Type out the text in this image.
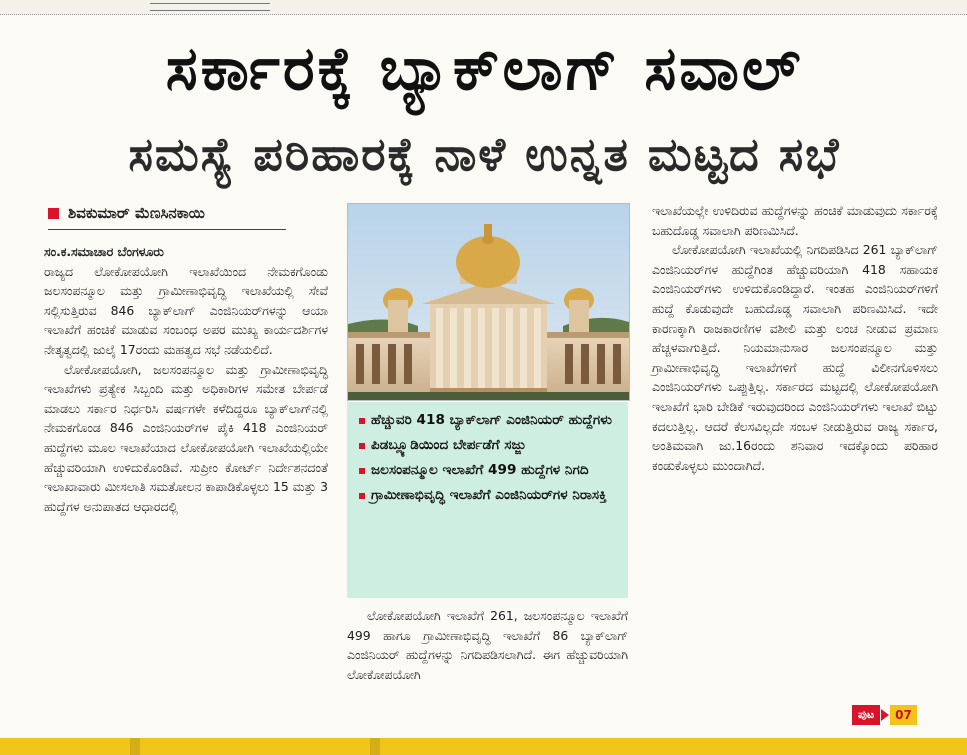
ಸರ್ಕಾರಕ್ಕೆ ಬ್ಯಾಕ್‌ಲಾಗ್ ಸವಾಲ್
ಸಮಸ್ಯೆ ಪರಿಹಾರಕ್ಕೆ ನಾಳೆ ಉನ್ನತ ಮಟ್ಟದ ಸಭೆ
ಶಿವಕುಮಾರ್ ಮೆಣಸಿನಕಾಯಿ
ಸಂ.ಕ.ಸಮಾಚಾರ ಬೆಂಗಳೂರು

ರಾಜ್ಯದ ಲೋಕೋಪಯೋಗಿ ಇಲಾಖೆಯಿಂದ ನೇಮಕಗೊಂಡು ಜಲಸಂಪನ್ಮೂಲ ಮತ್ತು ಗ್ರಾಮೀಣಾಭಿವೃದ್ಧಿ ಇಲಾಖೆಯಲ್ಲಿ ಸೇವೆ ಸಲ್ಲಿಸುತ್ತಿರುವ 846 ಬ್ಯಾಕ್‌ಲಾಗ್ ಎಂಜಿನಿಯರ್‌ಗಳನ್ನು ಆಯಾ ಇಲಾಖೆಗೆ ಹಂಚಿಕೆ ಮಾಡುವ ಸಂಬಂಧ ಅಪರ ಮುಖ್ಯ ಕಾರ್ಯದರ್ಶಿಗಳ ನೇತೃತ್ವದಲ್ಲಿ ಜುಲೈ 17ರಂದು ಮಹತ್ವದ ಸಭೆ ನಡೆಯಲಿದೆ.

ಲೋಕೋಪಯೋಗಿ, ಜಲಸಂಪನ್ಮೂಲ ಮತ್ತು ಗ್ರಾಮೀಣಾಭಿವೃದ್ಧಿ ಇಲಾಖೆಗಳು ಪ್ರತ್ಯೇಕ ಸಿಬ್ಬಂದಿ ಮತ್ತು ಅಧಿಕಾರಿಗಳ ಸಮೇತ ಬೇರ್ಪಡೆ ಮಾಡಲು ಸರ್ಕಾರ ನಿರ್ಧರಿಸಿ ವರ್ಷಗಳೇ ಕಳೆದಿದ್ದರೂ ಬ್ಯಾಕ್‌ಲಾಗ್‌ನಲ್ಲಿ ನೇಮಕಗೊಂಡ 846 ಎಂಜಿನಿಯರ್‌ಗಳ ಪೈಕಿ 418 ಎಂಜಿನಿಯರ್ ಹುದ್ದೆಗಳು ಮೂಲ ಇಲಾಖೆಯಾದ ಲೋಕೋಪಯೋಗಿ ಇಲಾಖೆಯಲ್ಲಿಯೇ ಹೆಚ್ಚುವರಿಯಾಗಿ ಉಳಿದುಕೊಂಡಿವೆ. ಸುಪ್ರೀಂ ಕೋರ್ಟ್ ನಿರ್ದೇಶನದಂತೆ ಇಲಾಖಾವಾರು ಮೀಸಲಾತಿ ಸಮತೋಲನ ಕಾಪಾಡಿಕೊಳ್ಳಲು 15 ಮತ್ತು 3 ಹುದ್ದೆಗಳ ಅನುಪಾತದ ಆಧಾರದಲ್ಲಿ

ಹೆಚ್ಚುವರಿ 418 ಬ್ಯಾಕ್‌ಲಾಗ್ ಎಂಜಿನಿಯರ್ ಹುದ್ದೆಗಳು
ಪಿಡಬ್ಲ್ಯೂಡಿಯಿಂದ ಬೇರ್ಪಡೆಗೆ ಸಜ್ಜು
ಜಲಸಂಪನ್ಮೂಲ ಇಲಾಖೆಗೆ 499 ಹುದ್ದೆಗಳ ನಿಗದಿ
ಗ್ರಾಮೀಣಾಭಿವೃದ್ಧಿ ಇಲಾಖೆಗೆ ಎಂಜಿನಿಯರ್‌ಗಳ ನಿರಾಸಕ್ತಿ

ಲೋಕೋಪಯೋಗಿ ಇಲಾಖೆಗೆ 261, ಜಲಸಂಪನ್ಮೂಲ ಇಲಾಖೆಗೆ 499 ಹಾಗೂ ಗ್ರಾಮೀಣಾಭಿವೃದ್ಧಿ ಇಲಾಖೆಗೆ 86 ಬ್ಯಾಕ್‌ಲಾಗ್ ಎಂಜಿನಿಯರ್ ಹುದ್ದೆಗಳನ್ನು ನಿಗದಿಪಡಿಸಲಾಗಿದೆ. ಈಗ ಹೆಚ್ಚುವರಿಯಾಗಿ ಲೋಕೋಪಯೋಗಿ

ಇಲಾಖೆಯಲ್ಲೇ ಉಳಿದಿರುವ ಹುದ್ದೆಗಳನ್ನು ಹಂಚಿಕೆ ಮಾಡುವುದು ಸರ್ಕಾರಕ್ಕೆ ಬಹುದೊಡ್ಡ ಸವಾಲಾಗಿ ಪರಿಣಮಿಸಿದೆ.

ಲೋಕೋಪಯೋಗಿ ಇಲಾಖೆಯಲ್ಲಿ ನಿಗದಿಪಡಿಸಿದ 261 ಬ್ಯಾಕ್‌ಲಾಗ್ ಎಂಜಿನಿಯರ್‌ಗಳ ಹುದ್ದೆಗಿಂತ ಹೆಚ್ಚುವರಿಯಾಗಿ 418 ಸಹಾಯಕ ಎಂಜಿನಿಯರ್‌ಗಳು ಉಳಿದುಕೊಂಡಿದ್ದಾರೆ. ಇಂತಹ ಎಂಜಿನಿಯರ್‌ಗಳಿಗೆ ಹುದ್ದೆ ಕೊಡುವುದೇ ಬಹುದೊಡ್ಡ ಸವಾಲಾಗಿ ಪರಿಣಮಿಸಿದೆ. ಇದೇ ಕಾರಣಕ್ಕಾಗಿ ರಾಜಕಾರಣಿಗಳ ವಶೀಲಿ ಮತ್ತು ಲಂಚ ನೀಡುವ ಪ್ರಮಾಣ ಹೆಚ್ಚಳವಾಗುತ್ತಿದೆ. ನಿಯಮಾನುಸಾರ ಜಲಸಂಪನ್ಮೂಲ ಮತ್ತು ಗ್ರಾಮೀಣಾಭಿವೃದ್ಧಿ ಇಲಾಖೆಗಳಿಗೆ ಹುದ್ದೆ ವಿಲೀನಗೊಳಿಸಲು ಎಂಜಿನಿಯರ್‌ಗಳು ಒಪ್ಪುತ್ತಿಲ್ಲ. ಸರ್ಕಾರದ ಮಟ್ಟದಲ್ಲಿ ಲೋಕೋಪಯೋಗಿ ಇಲಾಖೆಗೆ ಭಾರಿ ಬೇಡಿಕೆ ಇರುವುದರಿಂದ ಎಂಜಿನಿಯರ್‌ಗಳು ಇಲಾಖೆ ಬಿಟ್ಟು ಕದಲುತ್ತಿಲ್ಲ. ಆದರೆ ಕೆಲಸವಿಲ್ಲದೇ ಸಂಬಳ ನೀಡುತ್ತಿರುವ ರಾಜ್ಯ ಸರ್ಕಾರ, ಅಂತಿಮವಾಗಿ ಜು.16ರಂದು ಶನಿವಾರ ಇದಕ್ಕೊಂದು ಪರಿಹಾರ ಕಂಡುಕೊಳ್ಳಲು ಮುಂದಾಗಿದೆ.

ಪುಟ	07
